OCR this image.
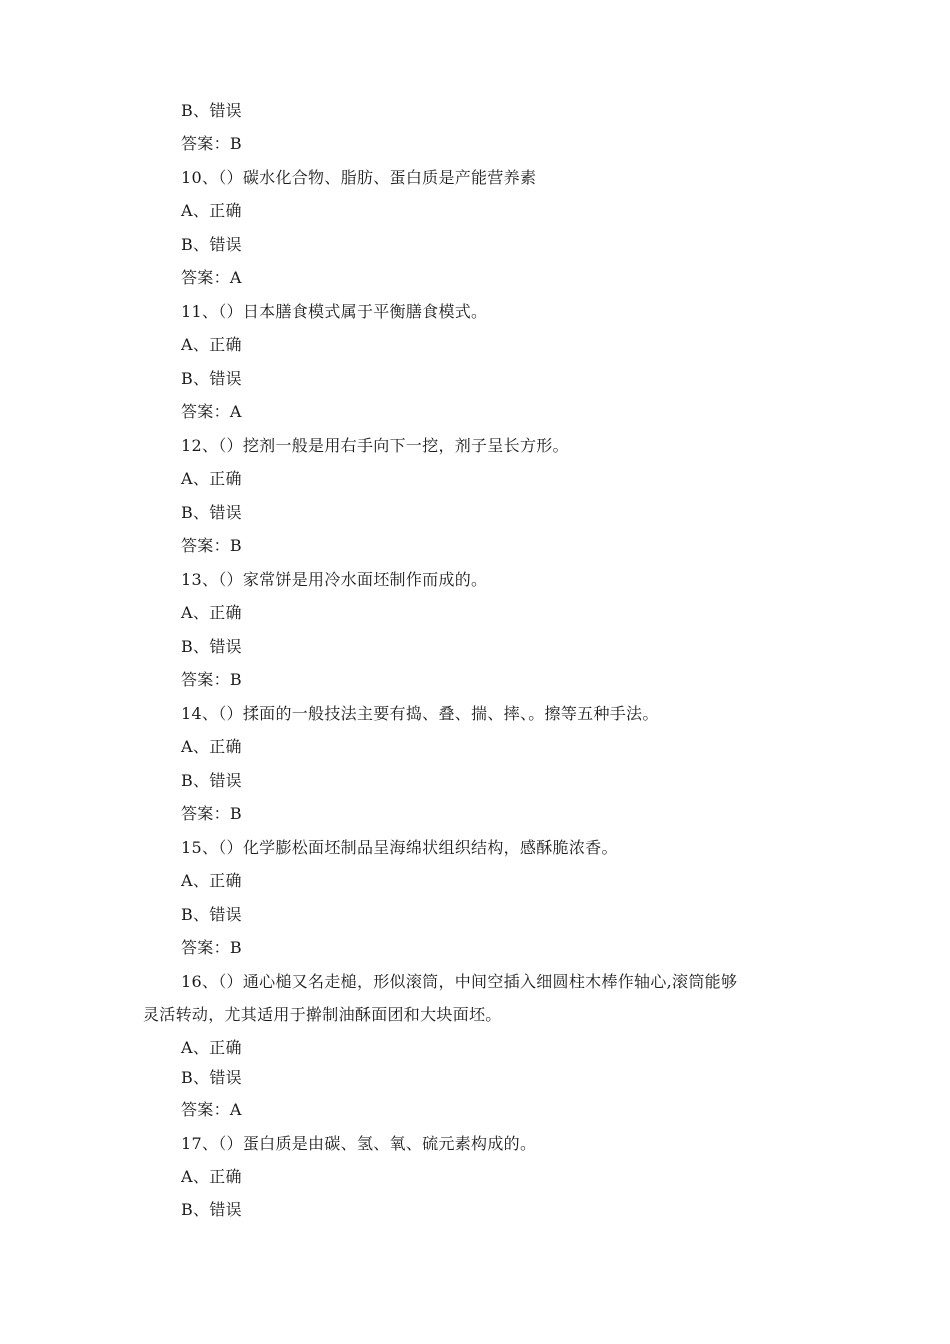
B、错误
答案：B
10、（）碳水化合物、脂肪、蛋白质是产能营养素
A、正确
B、错误
答案：A
11、（）日本膳食模式属于平衡膳食模式。
A、正确
B、错误
答案：A
12、（）挖剂一般是用右手向下一挖，剂子呈长方形。
A、正确
B、错误
答案：B
13、（）家常饼是用冷水面坯制作而成的。
A、正确
B、错误
答案：B
14、（）揉面的一般技法主要有捣、叠、揣、摔、。擦等五种手法。
A、正确
B、错误
答案：B
15、（）化学膨松面坯制品呈海绵状组织结构，感酥脆浓香。
A、正确
B、错误
答案：B
16、（）通心槌又名走槌，形似滚筒，中间空插入细圆柱木棒作轴心,滚筒能够
灵活转动，尤其适用于擀制油酥面团和大块面坯。
A、正确
B、错误
答案：A
17、（）蛋白质是由碳、氢、氧、硫元素构成的。
A、正确
B、错误
